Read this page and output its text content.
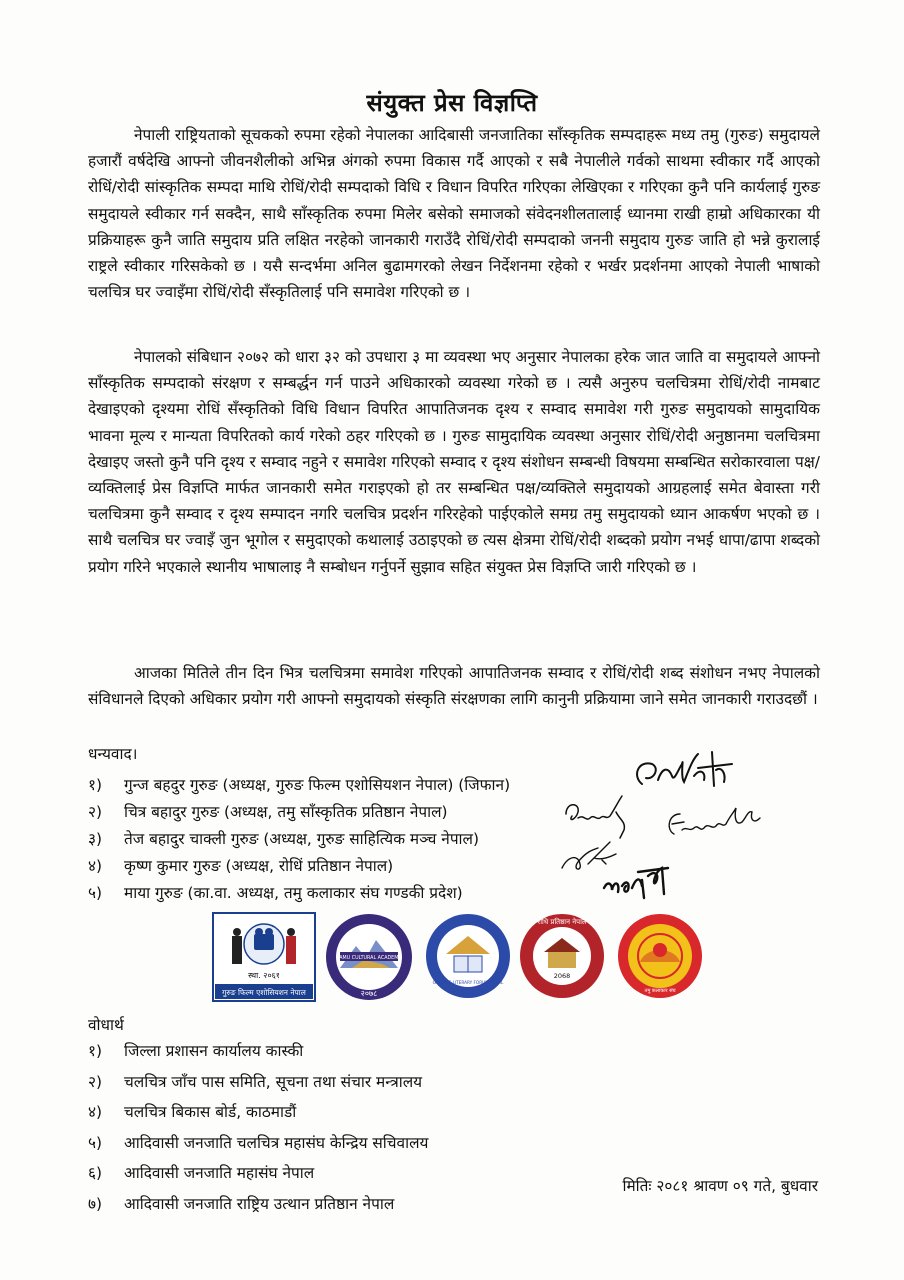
संयुक्त प्रेस विज्ञप्ति
नेपाली राष्ट्रियताको सूचकको रुपमा रहेको नेपालका आदिबासी जनजातिका साँस्कृतिक सम्पदाहरू मध्य तमु (गुरुङ) समुदायले हजारौं वर्षदेखि आफ्नो जीवनशैलीको अभिन्न अंगको रुपमा विकास गर्दै आएको र सबै नेपालीले गर्वको साथमा स्वीकार गर्दै आएको रोधिं/रोदी सांस्कृतिक सम्पदा माथि रोधिं/रोदी सम्पदाको विधि र विधान विपरित गरिएका लेखिएका र गरिएका कुनै पनि कार्यलाई गुरुङ समुदायले स्वीकार गर्न सक्दैन, साथै साँस्कृतिक रुपमा मिलेर बसेको समाजको संवेदनशीलतालाई ध्यानमा राखी हाम्रो अधिकारका यी प्रक्रियाहरू कुनै जाति समुदाय प्रति लक्षित नरहेको जानकारी गराउँदै रोधिं/रोदी सम्पदाको जननी समुदाय गुरुङ जाति हो भन्ने कुरालाई राष्ट्रले स्वीकार गरिसकेको छ । यसै सन्दर्भमा अनिल बुढामगरको लेखन निर्देशनमा रहेको र भर्खर प्रदर्शनमा आएको नेपाली भाषाको चलचित्र घर ज्वाइँमा रोधिं/रोदी सँस्कृतिलाई पनि समावेश गरिएको छ ।
नेपालको संबिधान २०७२ को धारा ३२ को उपधारा ३ मा व्यवस्था भए अनुसार नेपालका हरेक जात जाति वा समुदायले आफ्नो साँस्कृतिक सम्पदाको संरक्षण र सम्बर्द्धन गर्न पाउने अधिकारको व्यवस्था गरेको छ । त्यसै अनुरुप चलचित्रमा रोधिं/रोदी नामबाट देखाइएको दृश्यमा रोधिं सँस्कृतिको विधि विधान विपरित आपातिजनक दृश्य र सम्वाद समावेश गरी गुरुङ समुदायको सामुदायिक भावना मूल्य र मान्यता विपरितको कार्य गरेको ठहर गरिएको छ । गुरुङ सामुदायिक व्यवस्था अनुसार रोधिं/रोदी अनुष्ठानमा चलचित्रमा देखाइए जस्तो कुनै पनि दृश्य र सम्वाद नहुने र समावेश गरिएको सम्वाद र दृश्य संशोधन सम्बन्धी विषयमा सम्बन्धित सरोकारवाला पक्ष/व्यक्तिलाई प्रेस विज्ञप्ति मार्फत जानकारी समेत गराइएको हो तर सम्बन्धित पक्ष/व्यक्तिले समुदायको आग्रहलाई समेत बेवास्ता गरी चलचित्रमा कुनै सम्वाद र दृश्य सम्पादन नगरि चलचित्र प्रदर्शन गरिरहेको पाईएकोले समग्र तमु समुदायको ध्यान आकर्षण भएको छ । साथै चलचित्र घर ज्वाइँ जुन भूगोल र समुदाएको कथालाई उठाइएको छ त्यस क्षेत्रमा रोधिं/रोदी शब्दको प्रयोग नभई धापा/ढापा शब्दको प्रयोग गरिने भएकाले स्थानीय भाषालाइ नै सम्बोधन गर्नुपर्ने सुझाव सहित संयुक्त प्रेस विज्ञप्ति जारी गरिएको छ ।
आजका मितिले तीन दिन भित्र चलचित्रमा समावेश गरिएको आपातिजनक सम्वाद र रोधिं/रोदी शब्द संशोधन नभए नेपालको संविधानले दिएको अधिकार प्रयोग गरी आफ्नो समुदायको संस्कृति संरक्षणका लागि कानुनी प्रक्रियामा जाने समेत जानकारी गराउदछौं ।
धन्यवाद।
१) गुन्ज बहदुर गुरुङ (अध्यक्ष, गुरुङ फिल्म एशोसियशन नेपाल) (जिफान)
२) चित्र बहादुर गुरुङ (अध्यक्ष, तमु साँस्कृतिक प्रतिष्ठान नेपाल)
३) तेज बहादुर चाक्ली गुरुङ (अध्यक्ष, गुरुङ साहित्यिक मञ्च नेपाल)
४) कृष्ण कुमार गुरुङ (अध्यक्ष, रोधिं प्रतिष्ठान नेपाल)
५) माया गुरुङ (का.वा. अध्यक्ष, तमु कलाकार संघ गण्डकी प्रदेश)
स्था. २०६१
गुरुङ फिल्म एशोसियशन नेपाल
TAMU CULTURAL ACADEMY
२०७८
GURUNG LITERARY FORUM NEPAL
2068
रोधि प्रतिष्ठान नेपाल
तमु कलाकार संघ
वोधार्थ
१) जिल्ला प्रशासन कार्यालय कास्की
२) चलचित्र जाँच पास समिति, सूचना तथा संचार मन्त्रालय
४) चलचित्र बिकास बोर्ड, काठमाडौं
५) आदिवासी जनजाति चलचित्र महासंघ केन्द्रिय सचिवालय
६) आदिवासी जनजाति महासंघ नेपाल
७) आदिवासी जनजाति राष्ट्रिय उत्थान प्रतिष्ठान नेपाल
मितिः २०८१ श्रावण ०९ गते, बुधवार
